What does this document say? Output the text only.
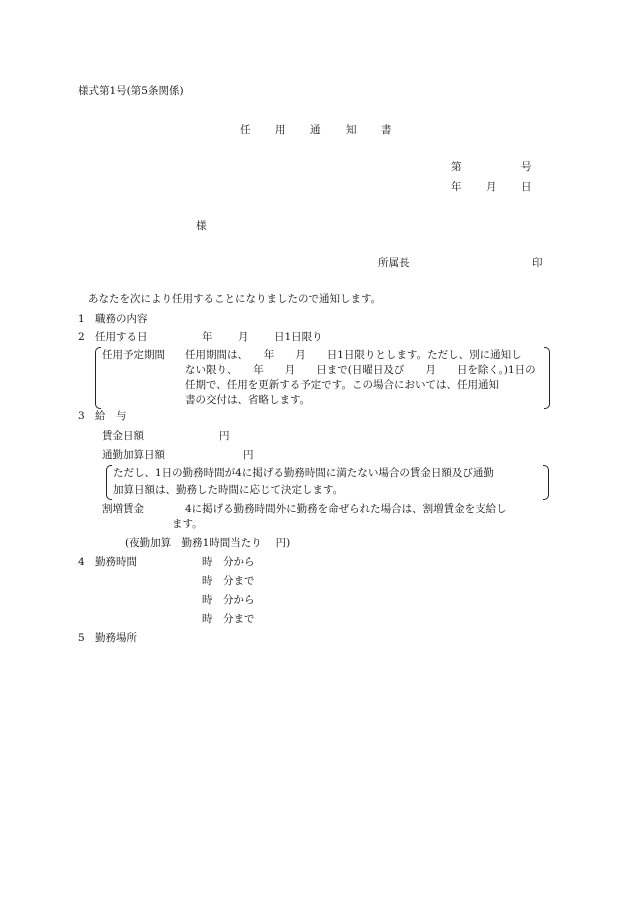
様式第1号(第5条関係)
任 用 通 知 書
第	号
年 月 日
様
所属長	印
あなたを次により任用することになりましたので通知します。
1 職務の内容
2 任用する日	年 月 日1日限り
任用予定期間 任用期間は、　　年　　月　　日1日限りとします。ただし、別に通知し
ない限り、　　年　　月　　日まで(日曜日及び　　月　　日を除く。)1日の
任期で、任用を更新する予定です。この場合においては、任用通知
書の交付は、省略します。
3 給　与
賃金日額	円
通勤加算日額	円
ただし、1日の勤務時間が4に掲げる勤務時間に満たない場合の賃金日額及び通勤
加算日額は、勤務した時間に応じて決定します。
割増賃金	4に掲げる勤務時間外に勤務を命ぜられた場合は、割増賃金を支給し
ます。
(夜勤加算　勤務1時間当たり　 円)
4 勤務時間	時　分から
時　分まで
時　分から
時　分まで
5 勤務場所
